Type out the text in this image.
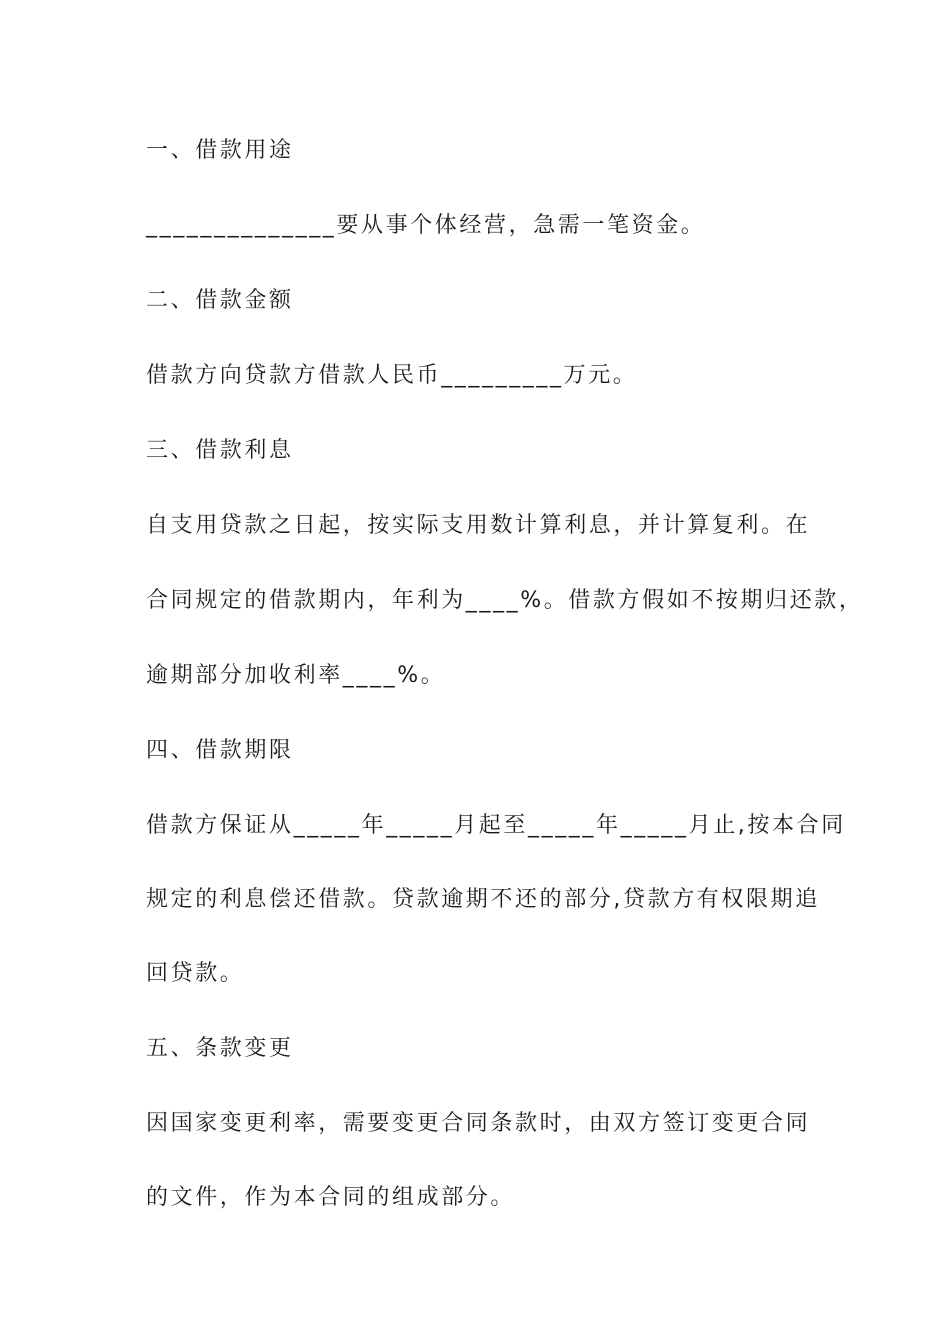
一、借款用途
______________要从事个体经营，急需一笔资金。
二、借款金额
借款方向贷款方借款人民币_________万元。
三、借款利息
自支用贷款之日起，按实际支用数计算利息，并计算复利。在
合同规定的借款期内，年利为____%。借款方假如不按期归还款，
逾期部分加收利率____%。
四、借款期限
借款方保证从_____年_____月起至_____年_____月止,按本合同
规定的利息偿还借款。贷款逾期不还的部分,贷款方有权限期追
回贷款。
五、条款变更
因国家变更利率，需要变更合同条款时，由双方签订变更合同
的文件，作为本合同的组成部分。
